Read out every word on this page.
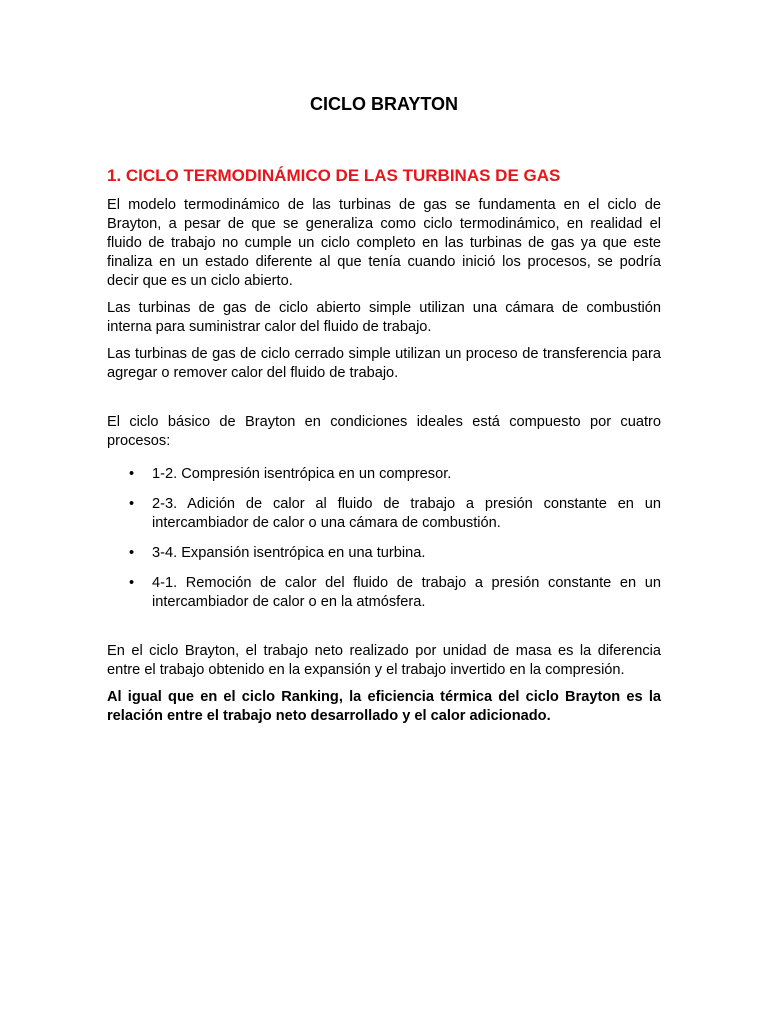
CICLO BRAYTON
1. CICLO TERMODINÁMICO DE LAS TURBINAS DE GAS

El modelo termodinámico de las turbinas de gas se fundamenta en el ciclo de Brayton, a pesar de que se generaliza como ciclo termodinámico, en realidad el fluido de trabajo no cumple un ciclo completo en las turbinas de gas ya que este finaliza en un estado diferente al que tenía cuando inició los procesos, se podría decir que es un ciclo abierto.

Las turbinas de gas de ciclo abierto simple utilizan una cámara de combustión interna para suministrar calor del fluido de trabajo.

Las turbinas de gas de ciclo cerrado simple utilizan un proceso de transferencia para agregar o remover calor del fluido de trabajo.

El ciclo básico de Brayton en condiciones ideales está compuesto por cuatro procesos:

• 1-2. Compresión isentrópica en un compresor.
• 2-3. Adición de calor al fluido de trabajo a presión constante en un intercambiador de calor o una cámara de combustión.
• 3-4. Expansión isentrópica en una turbina.
• 4-1. Remoción de calor del fluido de trabajo a presión constante en un intercambiador de calor o en la atmósfera.

En el ciclo Brayton, el trabajo neto realizado por unidad de masa es la diferencia entre el trabajo obtenido en la expansión y el trabajo invertido en la compresión.

Al igual que en el ciclo Ranking, la eficiencia térmica del ciclo Brayton es la relación entre el trabajo neto desarrollado y el calor adicionado.
